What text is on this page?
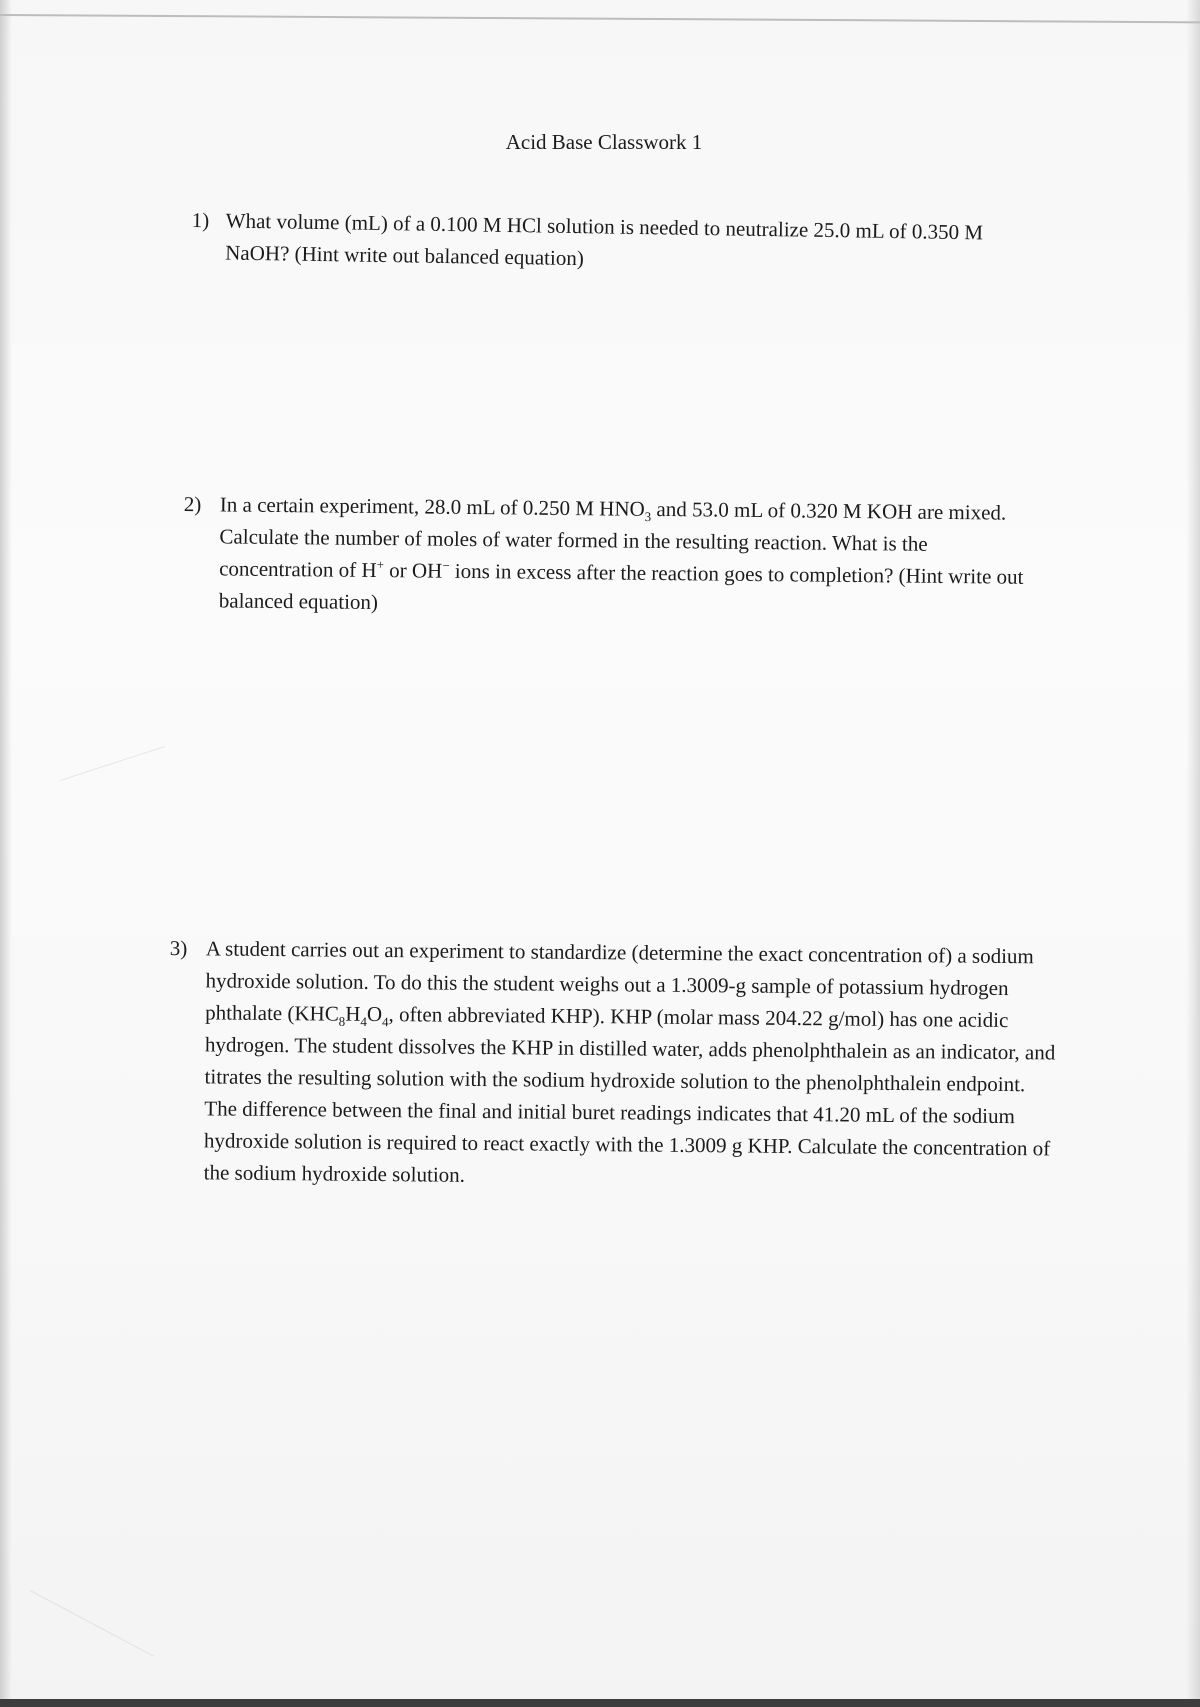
Acid Base Classwork 1
1) What volume (mL) of a 0.100 M HCl solution is needed to neutralize 25.0 mL of 0.350 M NaOH? (Hint write out balanced equation)
2) In a certain experiment, 28.0 mL of 0.250 M $HNO_3$ and 53.0 mL of 0.320 M KOH are mixed. Calculate the number of moles of water formed in the resulting reaction. What is the concentration of H+ or OH− ions in excess after the reaction goes to completion? (Hint write out balanced equation)
3) A student carries out an experiment to standardize (determine the exact concentration of) a sodium hydroxide solution. To do this the student weighs out a 1.3009-g sample of potassium hydrogen phthalate ($KHC_8H_4O_4$, often abbreviated KHP). KHP (molar mass 204.22 g/mol) has one acidic hydrogen. The student dissolves the KHP in distilled water, adds phenolphthalein as an indicator, and titrates the resulting solution with the sodium hydroxide solution to the phenolphthalein endpoint. The difference between the final and initial buret readings indicates that 41.20 mL of the sodium hydroxide solution is required to react exactly with the 1.3009 g KHP. Calculate the concentration of the sodium hydroxide solution.
